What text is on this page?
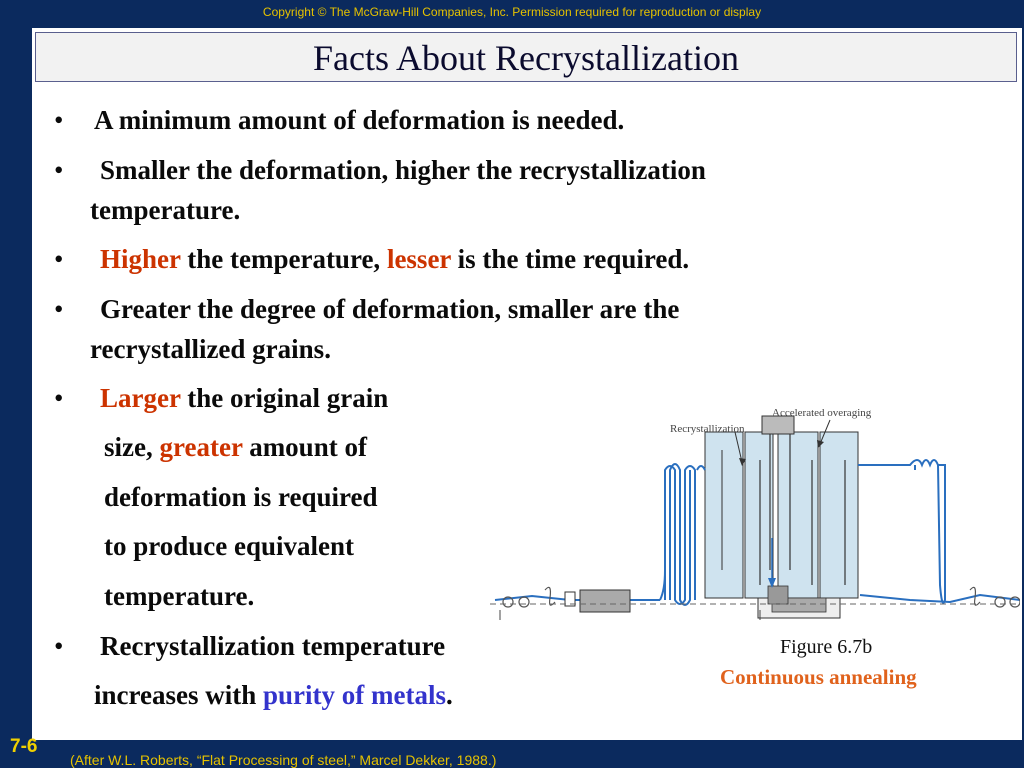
Copyright © The McGraw-Hill Companies, Inc. Permission required for reproduction or display
Facts About Recrystallization
• A minimum amount of deformation is needed.
• Smaller the deformation, higher the recrystallization
temperature.
• Higher the temperature, lesser is the time required.
• Greater the degree of deformation, smaller are the
recrystallized grains.
• Larger the original grain
size, greater amount of
deformation is required
to produce equivalent
temperature.
• Recrystallization temperature
increases with purity of metals.
Recrystallization
Accelerated overaging
Figure 6.7b
Continuous annealing
7-6
(After W.L. Roberts, “Flat Processing of steel,” Marcel Dekker, 1988.)
